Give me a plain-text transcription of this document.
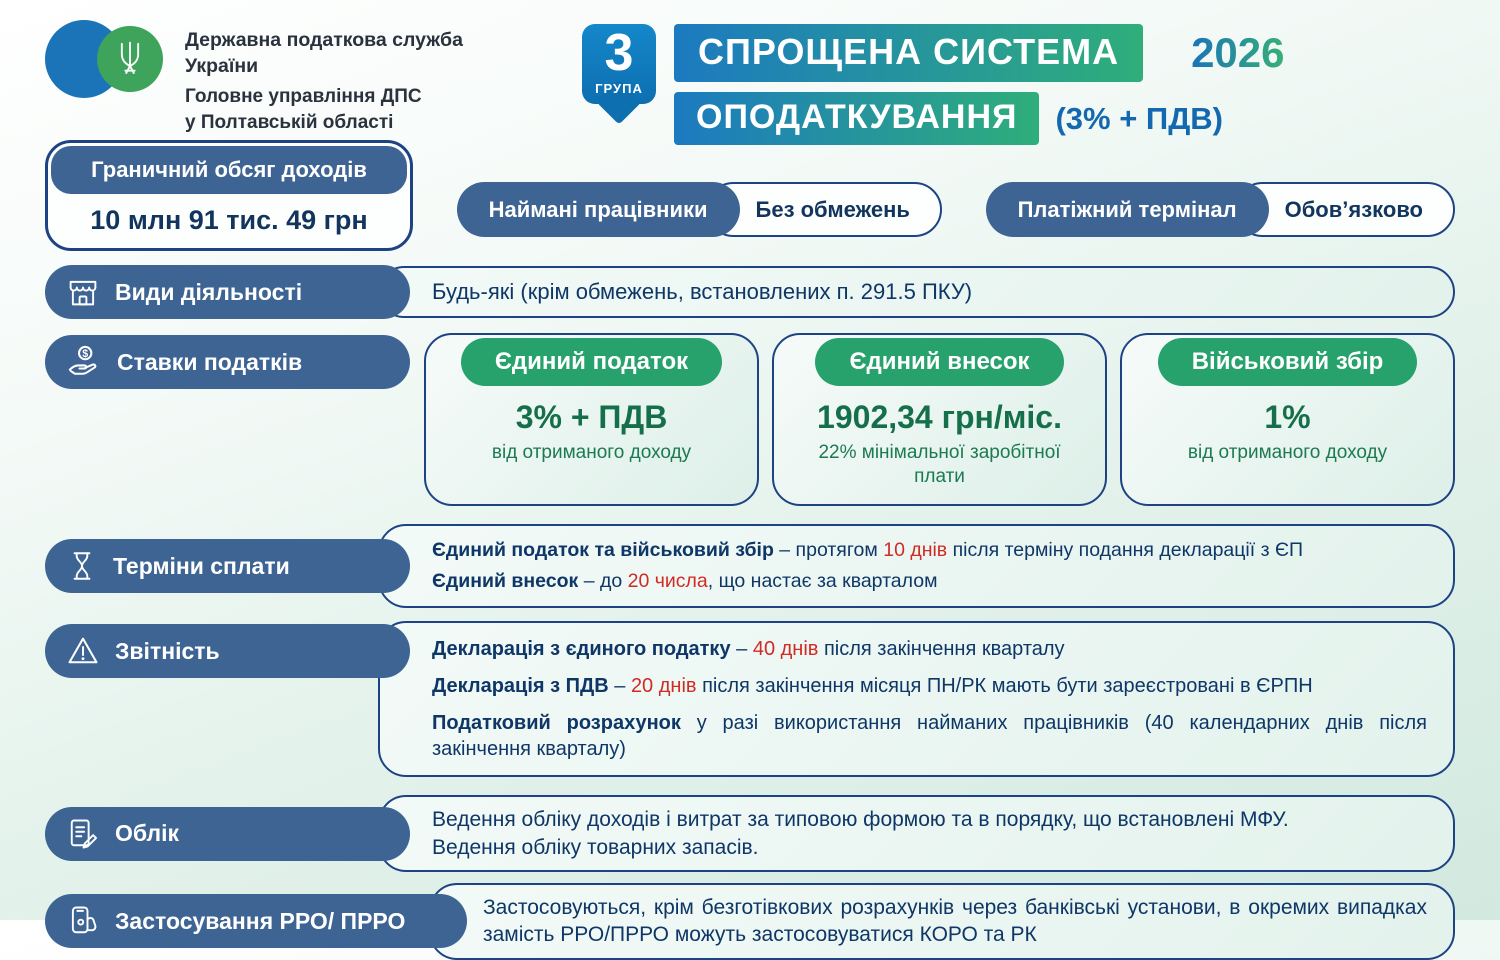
Державна податкова служба України
Головне управління ДПС
у Полтавській області
3
ГРУПА
СПРОЩЕНА СИСТЕМА	2026
ОПОДАТКУВАННЯ	(3% + ПДВ)
Граничний обсяг доходів
10 млн 91 тис. 49 грн	Наймані працівники	Без обмежень	Платіжний термінал	Обов’язково
Види діяльності	Будь-які (крім обмежень, встановлених п. 291.5 ПКУ)
$ Ставки податків	Єдиний податок
3% + ПДВ
від отриманого доходу
Єдиний внесок
1902,34 грн/міс.
22% мінімальної заробітної плати
Військовий збір
1%
від отриманого доходу
Терміни сплати
Єдиний податок та військовий збір – протягом 10 днів після терміну подання декларації з ЄП
Єдиний внесок – до 20 числа, що настає за кварталом
Звітність	Декларація з єдиного податку – 40 днів після закінчення кварталу

Декларація з ПДВ – 20 днів після закінчення місяця ПН/РК мають бути зареєстровані в ЄРПН

Податковий розрахунок у разі використання найманих працівників (40 календарних днів після закінчення кварталу)

Облік
Ведення обліку доходів і витрат за типовою формою та в порядку, що встановлені МФУ.
Ведення обліку товарних запасів.
Застосування РРО/ ПРРО
Застосовуються, крім безготівкових розрахунків через банківські установи, в окремих випадках замість РРО/ПРРО можуть застосовуватися КОРО та РК
